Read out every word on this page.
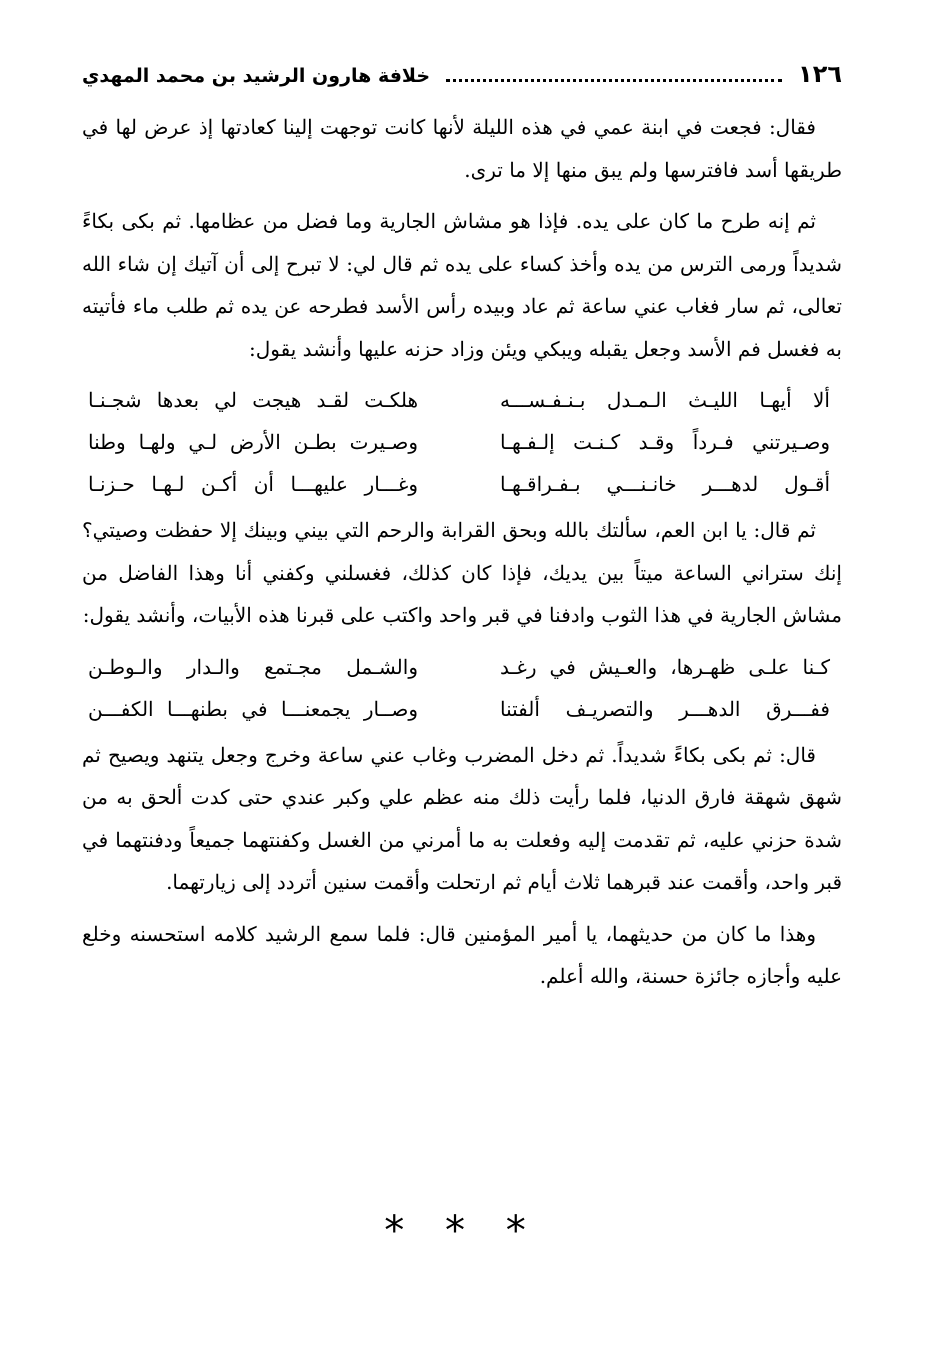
١٢٦
خلافة هارون الرشيد بن محمد المهدي

فقال: فجعت في ابنة عمي في هذه الليلة لأنها كانت توجهت إلينا كعادتها إذ عرض لها في طريقها أسد فافترسها ولم يبق منها إلا ما ترى.

ثم إنه طرح ما كان على يده. فإذا هو مشاش الجارية وما فضل من عظامها. ثم بكى بكاءً شديداً ورمى الترس من يده وأخذ كساء على يده ثم قال لي: لا تبرح إلى أن آتيك إن شاء الله تعالى، ثم سار فغاب عني ساعة ثم عاد وبيده رأس الأسد فطرحه عن يده ثم طلب ماء فأتيته به فغسل فم الأسد وجعل يقبله ويبكي ويئن وزاد حزنه عليها وأنشد يقول:

ألا أيهـا الليـث الـمـدل بـنـفـســـه
هلكـت لقـد هيجت لي بعدها شجـنـا
وصـيرتني فـرداً وقـد كـنـت إلـفـهـا
وصـيرت بطـن الأرض لـي ولهـا وطنا
أقـول لدهـــر خانـنـــي بـفـراقـهـا
وغـــار عليهـــا أن أكـن لـهـا حـزنـا

ثم قال: يا ابن العم، سألتك بالله وبحق القرابة والرحم التي بيني وبينك إلا حفظت وصيتي؟ إنك ستراني الساعة ميتاً بين يديك، فإذا كان كذلك، فغسلني وكفني أنا وهذا الفاضل من مشاش الجارية في هذا الثوب وادفنا في قبر واحد واكتب على قبرنا هذه الأبيات، وأنشد يقول:

كـنا علـى ظهـرها، والعـيش في رغـد
والشـمل مجـتمع والـدار والـوطـن
ففـــرق الدهـــر والتصريـف ألفتنا
وصــار يجمعنـــا في بطنهـــا الكفـــن

قال: ثم بكى بكاءً شديداً. ثم دخل المضرب وغاب عني ساعة وخرج وجعل يتنهد ويصيح ثم شهق شهقة فارق الدنيا، فلما رأيت ذلك منه عظم علي وكبر عندي حتى كدت ألحق به من شدة حزني عليه، ثم تقدمت إليه وفعلت به ما أمرني من الغسل وكفنتهما جميعاً ودفنتهما في قبر واحد، وأقمت عند قبرهما ثلاث أيام ثم ارتحلت وأقمت سنين أتردد إلى زيارتهما.

وهذا ما كان من حديثهما، يا أمير المؤمنين قال: فلما سمع الرشيد كلامه استحسنه وخلع عليه وأجازه جائزة حسنة، والله أعلم.

* * *
